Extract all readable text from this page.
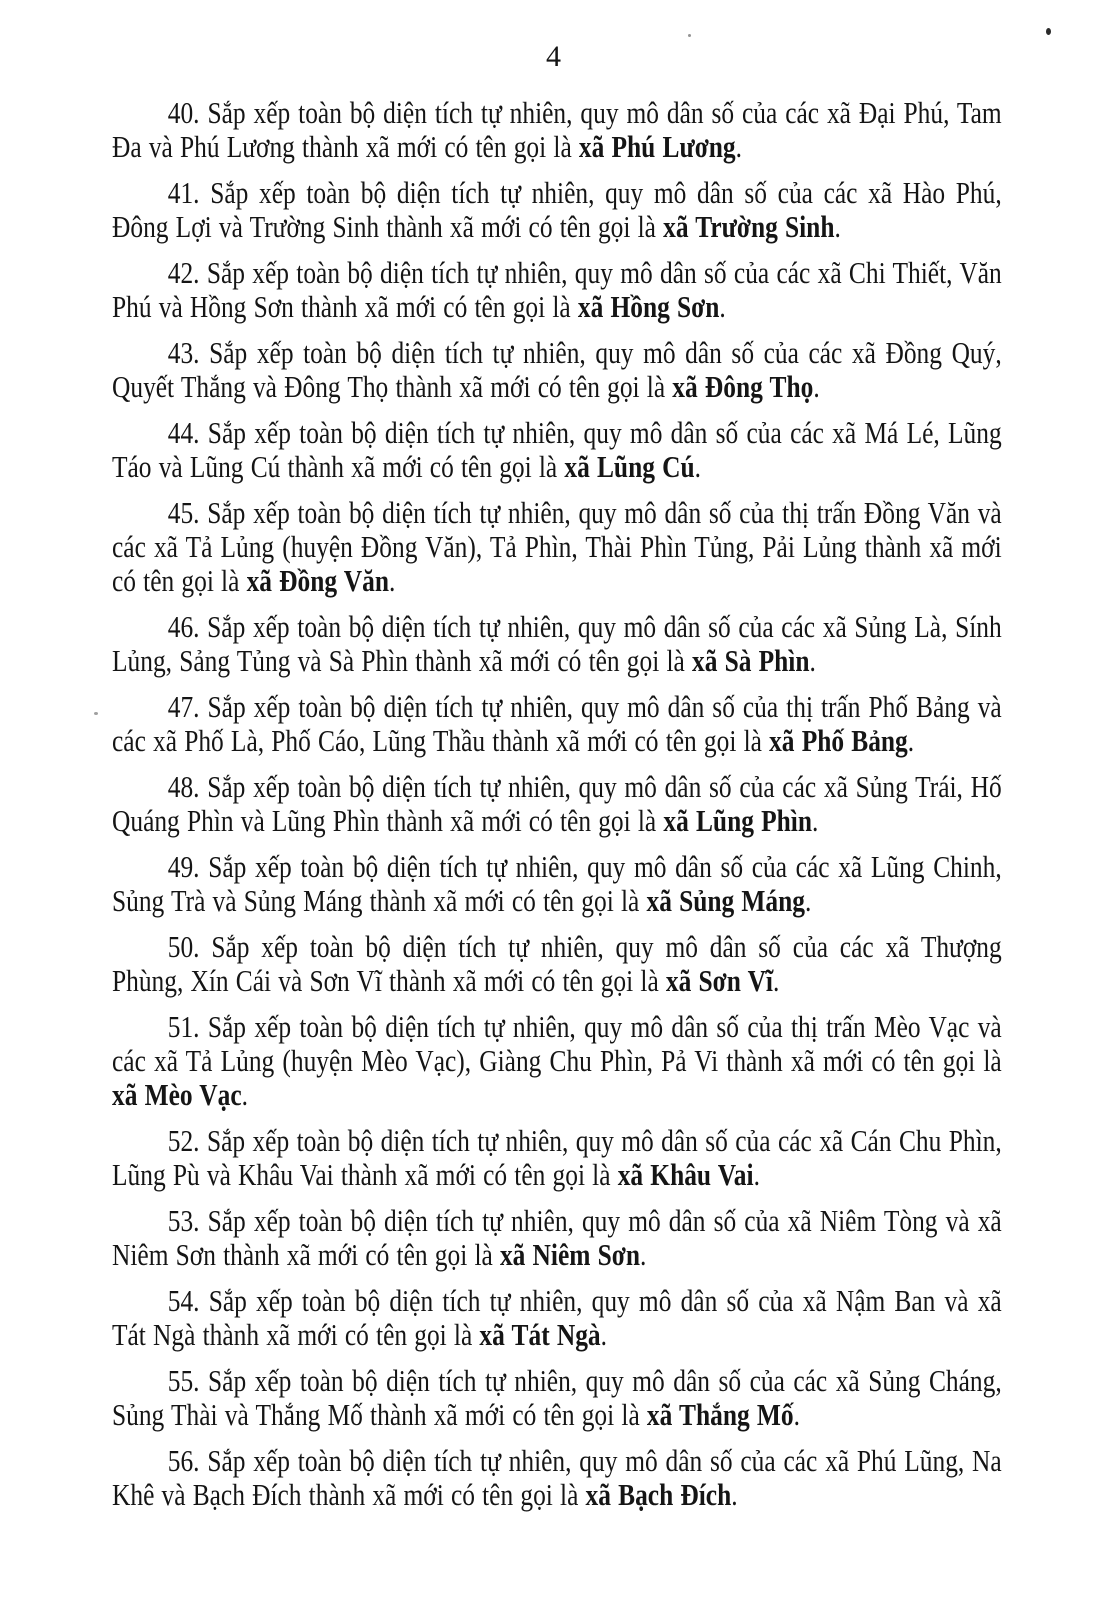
4

40. Sắp xếp toàn bộ diện tích tự nhiên, quy mô dân số của các xã Đại Phú, Tam Đa và Phú Lương thành xã mới có tên gọi là xã Phú Lương.

41. Sắp xếp toàn bộ diện tích tự nhiên, quy mô dân số của các xã Hào Phú, Đông Lợi và Trường Sinh thành xã mới có tên gọi là xã Trường Sinh.

42. Sắp xếp toàn bộ diện tích tự nhiên, quy mô dân số của các xã Chi Thiết, Văn Phú và Hồng Sơn thành xã mới có tên gọi là xã Hồng Sơn.

43. Sắp xếp toàn bộ diện tích tự nhiên, quy mô dân số của các xã Đồng Quý, Quyết Thắng và Đông Thọ thành xã mới có tên gọi là xã Đông Thọ.

44. Sắp xếp toàn bộ diện tích tự nhiên, quy mô dân số của các xã Má Lé, Lũng Táo và Lũng Cú thành xã mới có tên gọi là xã Lũng Cú.

45. Sắp xếp toàn bộ diện tích tự nhiên, quy mô dân số của thị trấn Đồng Văn và các xã Tả Lủng (huyện Đồng Văn), Tả Phìn, Thài Phìn Tủng, Pải Lủng thành xã mới có tên gọi là xã Đồng Văn.

46. Sắp xếp toàn bộ diện tích tự nhiên, quy mô dân số của các xã Sủng Là, Sính Lủng, Sảng Tủng và Sà Phìn thành xã mới có tên gọi là xã Sà Phìn.

47. Sắp xếp toàn bộ diện tích tự nhiên, quy mô dân số của thị trấn Phố Bảng và các xã Phố Là, Phố Cáo, Lũng Thầu thành xã mới có tên gọi là xã Phố Bảng.

48. Sắp xếp toàn bộ diện tích tự nhiên, quy mô dân số của các xã Sủng Trái, Hố Quáng Phìn và Lũng Phìn thành xã mới có tên gọi là xã Lũng Phìn.

49. Sắp xếp toàn bộ diện tích tự nhiên, quy mô dân số của các xã Lũng Chinh, Sủng Trà và Sủng Máng thành xã mới có tên gọi là xã Sủng Máng.

50. Sắp xếp toàn bộ diện tích tự nhiên, quy mô dân số của các xã Thượng Phùng, Xín Cái và Sơn Vĩ thành xã mới có tên gọi là xã Sơn Vĩ.

51. Sắp xếp toàn bộ diện tích tự nhiên, quy mô dân số của thị trấn Mèo Vạc và các xã Tả Lủng (huyện Mèo Vạc), Giàng Chu Phìn, Pả Vi thành xã mới có tên gọi là xã Mèo Vạc.

52. Sắp xếp toàn bộ diện tích tự nhiên, quy mô dân số của các xã Cán Chu Phìn, Lũng Pù và Khâu Vai thành xã mới có tên gọi là xã Khâu Vai.

53. Sắp xếp toàn bộ diện tích tự nhiên, quy mô dân số của xã Niêm Tòng và xã Niêm Sơn thành xã mới có tên gọi là xã Niêm Sơn.

54. Sắp xếp toàn bộ diện tích tự nhiên, quy mô dân số của xã Nậm Ban và xã Tát Ngà thành xã mới có tên gọi là xã Tát Ngà.

55. Sắp xếp toàn bộ diện tích tự nhiên, quy mô dân số của các xã Sủng Cháng, Sủng Thài và Thắng Mố thành xã mới có tên gọi là xã Thắng Mố.

56. Sắp xếp toàn bộ diện tích tự nhiên, quy mô dân số của các xã Phú Lũng, Na Khê và Bạch Đích thành xã mới có tên gọi là xã Bạch Đích.
